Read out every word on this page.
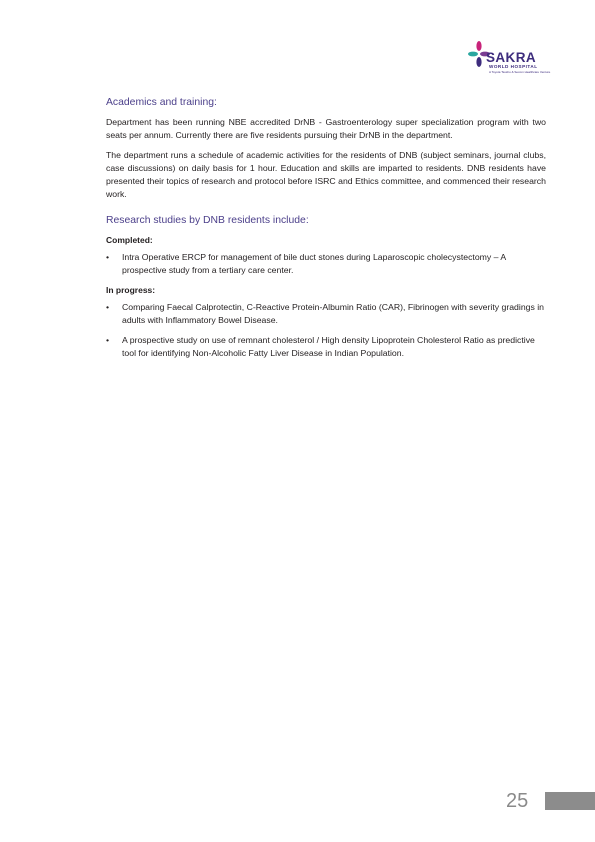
SAKRA
WORLD HOSPITAL
A Toyota Tsusho & Secom Healthcare Venture
Academics and training:

Department has been running NBE accredited DrNB - Gastroenterology super specialization program with two seats per annum. Currently there are five residents pursuing their DrNB in the department.

The department runs a schedule of academic activities for the residents of DNB (subject seminars, journal clubs, case discussions) on daily basis for 1 hour. Education and skills are imparted to residents. DNB residents have presented their topics of research and protocol before ISRC and Ethics committee, and commenced their research work.

Research studies by DNB residents include:
Completed:
• Intra Operative ERCP for management of bile duct stones during Laparoscopic cholecystectomy – A prospective study from a tertiary care center.
In progress:
• Comparing Faecal Calprotectin, C-Reactive Protein-Albumin Ratio (CAR), Fibrinogen with severity gradings in adults with Inflammatory Bowel Disease.
• A prospective study on use of remnant cholesterol / High density Lipoprotein Cholesterol Ratio as predictive tool for identifying Non-Alcoholic Fatty Liver Disease in Indian Population.
25
